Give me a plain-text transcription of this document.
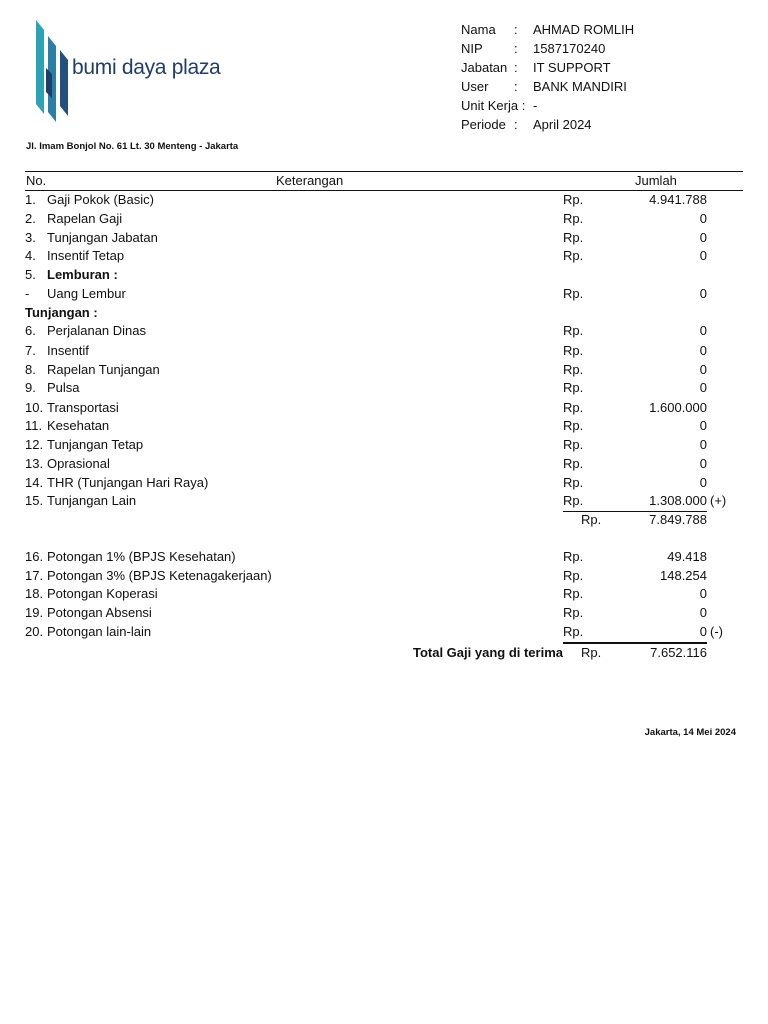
bumi daya plaza
Nama : AHMAD ROMLIH
NIP : 1587170240
Jabatan : IT SUPPORT
User : BANK MANDIRI
Unit Kerja : -
Periode : April 2024
Jl. Imam Bonjol No. 61 Lt. 30 Menteng - Jakarta
No.	Keterangan	Jumlah
1. Gaji Pokok (Basic)	Rp.	4.941.788
2. Rapelan Gaji	Rp.	0
3. Tunjangan Jabatan	Rp.	0
4. Insentif Tetap	Rp.	0
5. Lemburan :
- Uang Lembur	Rp.	0
Tunjangan :
6. Perjalanan Dinas	Rp.	0
7. Insentif	Rp.	0
8. Rapelan Tunjangan	Rp.	0
9. Pulsa	Rp.	0
10. Transportasi	Rp.	1.600.000
11. Kesehatan	Rp.	0
12. Tunjangan Tetap	Rp.	0
13. Oprasional	Rp.	0
14. THR (Tunjangan Hari Raya)	Rp.	0
15. Tunjangan Lain	Rp.	1.308.000 (+)
Rp.	7.849.788
16. Potongan 1% (BPJS Kesehatan)	Rp.	49.418
17. Potongan 3% (BPJS Ketenagakerjaan)	Rp.	148.254
18. Potongan Koperasi	Rp.	0
19. Potongan Absensi	Rp.	0
20. Potongan lain-lain	Rp.	0 (-)
Total Gaji yang di terima Rp.	7.652.116
Jakarta, 14 Mei 2024
